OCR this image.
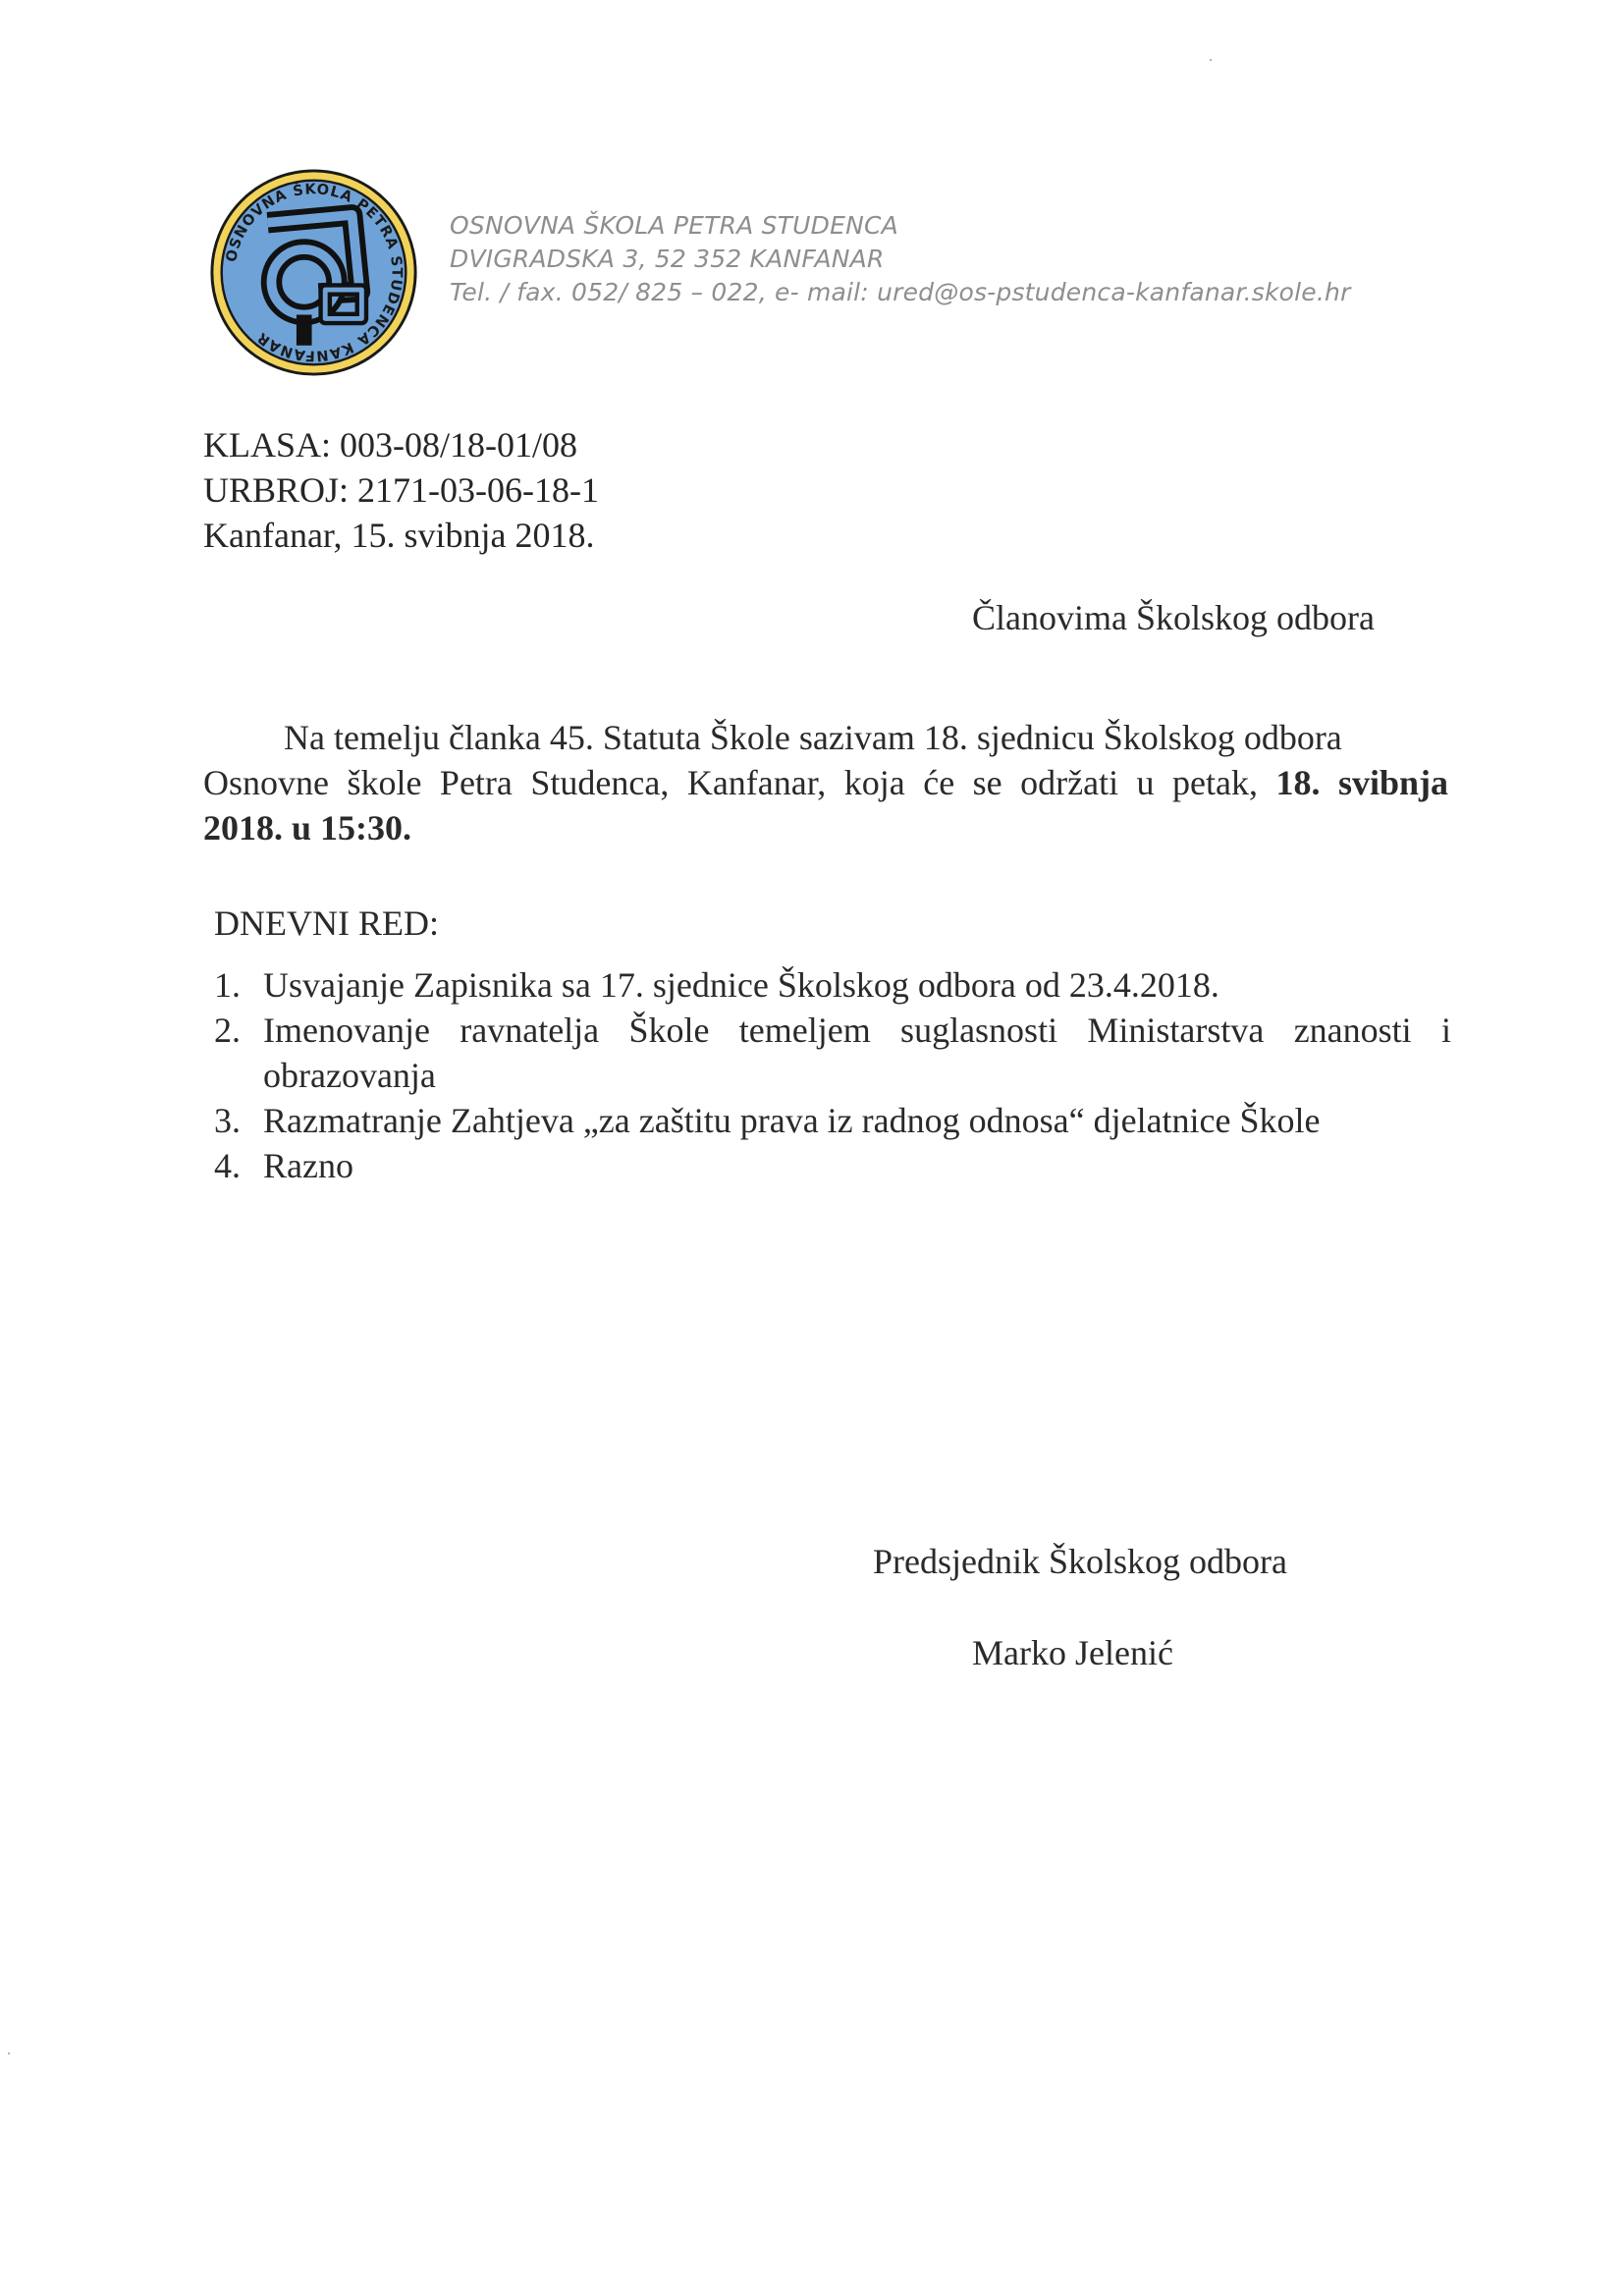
OSNOVNA ŠKOLA PETRA STUDENCA KANFANAR
OSNOVNA ŠKOLA PETRA STUDENCA
DVIGRADSKA 3, 52 352 KANFANAR
Tel. / fax. 052/ 825 – 022, e- mail: ured@os-pstudenca-kanfanar.skole.hr
KLASA: 003-08/18-01/08
URBROJ: 2171-03-06-18-1
Kanfanar, 15. svibnja 2018.
Članovima Školskog odbora
Na temelju članka 45. Statuta Škole sazivam 18. sjednicu Školskog odbora
Osnovne škole Petra Studenca, Kanfanar, koja će se održati u petak, 18. svibnja
2018. u 15:30.
DNEVNI RED:
1. Usvajanje Zapisnika sa 17. sjednice Školskog odbora od 23.4.2018.
2. Imenovanje ravnatelja Škole temeljem suglasnosti Ministarstva znanosti i
obrazovanja
3. Razmatranje Zahtjeva „za zaštitu prava iz radnog odnosa“ djelatnice Škole
4. Razno
Predsjednik Školskog odbora
Marko Jelenić
